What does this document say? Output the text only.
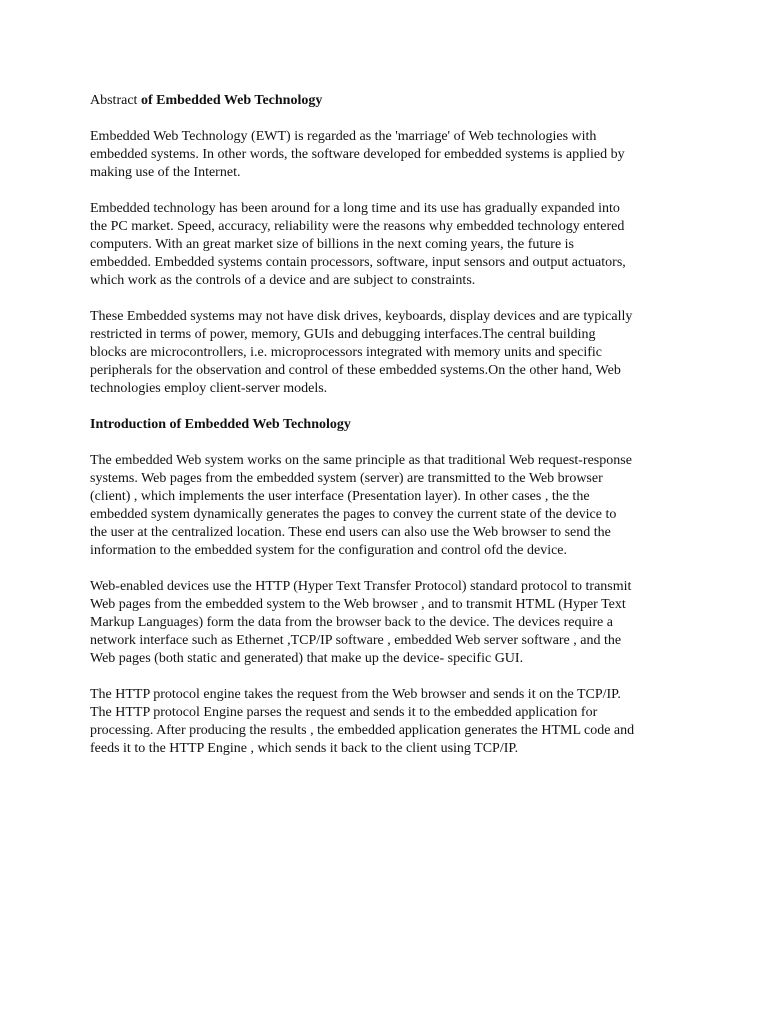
Abstract of Embedded Web Technology
Embedded Web Technology (EWT) is regarded as the 'marriage' of Web technologies with
embedded systems. In other words, the software developed for embedded systems is applied by
making use of the Internet.
Embedded technology has been around for a long time and its use has gradually expanded into
the PC market. Speed, accuracy, reliability were the reasons why embedded technology entered
computers. With an great market size of billions in the next coming years, the future is
embedded. Embedded systems contain processors, software, input sensors and output actuators,
which work as the controls of a device and are subject to constraints.
These Embedded systems may not have disk drives, keyboards, display devices and are typically
restricted in terms of power, memory, GUIs and debugging interfaces.The central building
blocks are microcontrollers, i.e. microprocessors integrated with memory units and specific
peripherals for the observation and control of these embedded systems.On the other hand, Web
technologies employ client-server models.
Introduction of Embedded Web Technology
The embedded Web system works on the same principle as that traditional Web request-response
systems. Web pages from the embedded system (server) are transmitted to the Web browser
(client) , which implements the user interface (Presentation layer). In other cases , the the
embedded system dynamically generates the pages to convey the current state of the device to
the user at the centralized location. These end users can also use the Web browser to send the
information to the embedded system for the configuration and control ofd the device.
Web-enabled devices use the HTTP (Hyper Text Transfer Protocol) standard protocol to transmit
Web pages from the embedded system to the Web browser , and to transmit HTML (Hyper Text
Markup Languages) form the data from the browser back to the device. The devices require a
network interface such as Ethernet ,TCP/IP software , embedded Web server software , and the
Web pages (both static and generated) that make up the device- specific GUI.
The HTTP protocol engine takes the request from the Web browser and sends it on the TCP/IP.
The HTTP protocol Engine parses the request and sends it to the embedded application for
processing. After producing the results , the embedded application generates the HTML code and
feeds it to the HTTP Engine , which sends it back to the client using TCP/IP.
